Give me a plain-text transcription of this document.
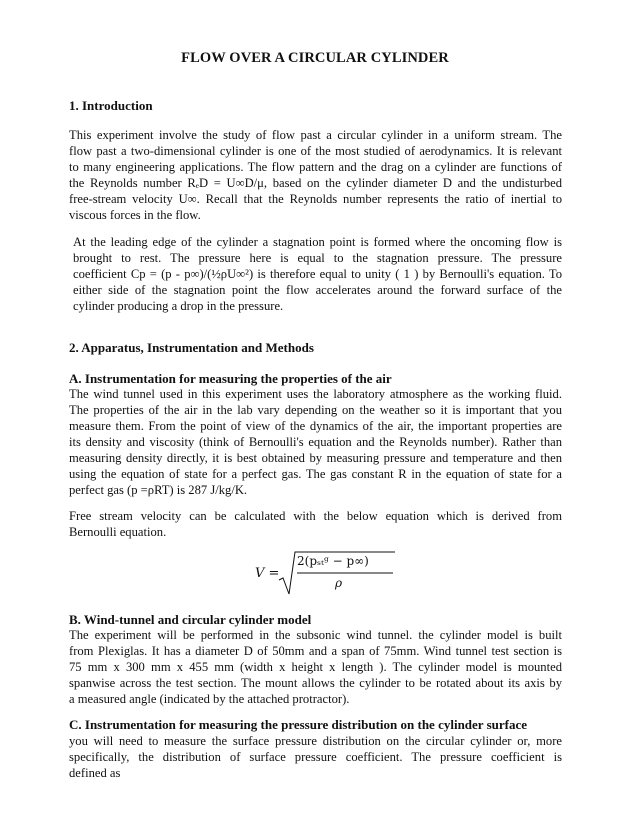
FLOW OVER A CIRCULAR CYLINDER
1. Introduction
This experiment involve the study of flow past a circular cylinder in a uniform stream. The
flow past a two-dimensional cylinder is one of the most studied of aerodynamics. It is relevant
to many engineering applications. The flow pattern and the drag on a cylinder are functions of
the Reynolds number RₑD = U∞D/μ, based on the cylinder diameter D and the undisturbed
free-stream velocity U∞. Recall that the Reynolds number represents the ratio of inertial to
viscous forces in the flow.
At the leading edge of the cylinder a stagnation point is formed where the oncoming flow is
brought to rest. The pressure here is equal to the stagnation pressure. The pressure
coefficient Cp = (p - p∞)/(½ρU∞²) is therefore equal to unity ( 1 ) by Bernoulli's equation. To
either side of the stagnation point the flow accelerates around the forward surface of the
cylinder producing a drop in the pressure.
2. Apparatus, Instrumentation and Methods
A. Instrumentation for measuring the properties of the air
The wind tunnel used in this experiment uses the laboratory atmosphere as the working fluid.
The properties of the air in the lab vary depending on the weather so it is important that you
measure them. From the point of view of the dynamics of the air, the important properties are
its density and viscosity (think of Bernoulli's equation and the Reynolds number). Rather than
measuring density directly, it is best obtained by measuring pressure and temperature and then
using the equation of state for a perfect gas. The gas constant R in the equation of state for a
perfect gas (p =ρRT) is 287 J/kg/K.
Free stream velocity can be calculated with the below equation which is derived from
Bernoulli equation.
V =
2(pₛₜᵍ − p∞)
ρ
B. Wind-tunnel and circular cylinder model
The experiment will be performed in the subsonic wind tunnel. the cylinder model is built
from Plexiglas. It has a diameter D of 50mm and a span of 75mm. Wind tunnel test section is
75 mm x 300 mm x 455 mm (width x height x length ). The cylinder model is mounted
spanwise across the test section. The mount allows the cylinder to be rotated about its axis by
a measured angle (indicated by the attached protractor).
C. Instrumentation for measuring the pressure distribution on the cylinder surface
you will need to measure the surface pressure distribution on the circular cylinder or, more
specifically, the distribution of surface pressure coefficient. The pressure coefficient is
defined as
